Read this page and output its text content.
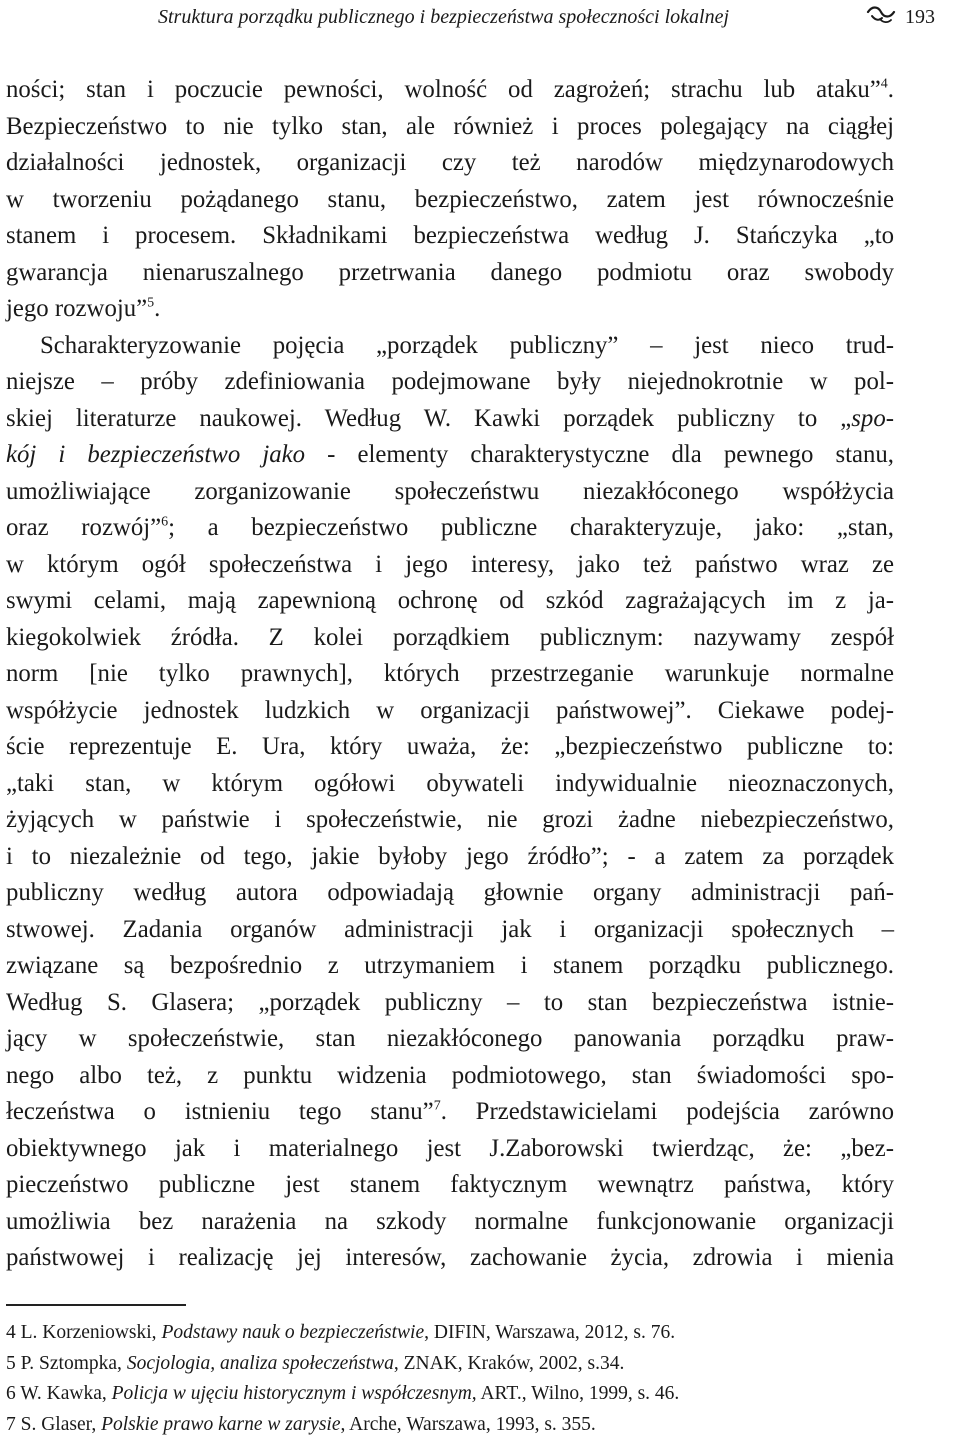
Struktura porządku publicznego i bezpieczeństwa społeczności lokalnej	193
ności; stan i poczucie pewności, wolność od zagrożeń; strachu lub ataku”$^4$.
Bezpieczeństwo to nie tylko stan, ale również i proces polegający na ciągłej
działalności jednostek, organizacji czy też narodów międzynarodowych
w tworzeniu pożądanego stanu, bezpieczeństwo, zatem jest równocześnie
stanem i procesem. Składnikami bezpieczeństwa według J. Stańczyka „to
gwarancja nienaruszalnego przetrwania danego podmiotu oraz swobody
jego rozwoju”$^5$.
Scharakteryzowanie pojęcia „porządek publiczny” – jest nieco trud-
niejsze – próby zdefiniowania podejmowane były niejednokrotnie w pol-
skiej literaturze naukowej. Według W. Kawki porządek publiczny to „spo-
kój i bezpieczeństwo jako - elementy charakterystyczne dla pewnego stanu,
umożliwiające zorganizowanie społeczeństwu niezakłóconego współżycia
oraz rozwój”$^6$; a bezpieczeństwo publiczne charakteryzuje, jako: „stan,
w którym ogół społeczeństwa i jego interesy, jako też państwo wraz ze
swymi celami, mają zapewnioną ochronę od szkód zagrażających im z ja-
kiegokolwiek źródła. Z kolei porządkiem publicznym: nazywamy zespół
norm [nie tylko prawnych], których przestrzeganie warunkuje normalne
współżycie jednostek ludzkich w organizacji państwowej”. Ciekawe podej-
ście reprezentuje E. Ura, który uważa, że: „bezpieczeństwo publiczne to:
„taki stan, w którym ogółowi obywateli indywidualnie nieoznaczonych,
żyjących w państwie i społeczeństwie, nie grozi żadne niebezpieczeństwo,
i to niezależnie od tego, jakie byłoby jego źródło”; - a zatem za porządek
publiczny według autora odpowiadają głownie organy administracji pań-
stwowej. Zadania organów administracji jak i organizacji społecznych –
związane są bezpośrednio z utrzymaniem i stanem porządku publicznego.
Według S. Glasera; „porządek publiczny – to stan bezpieczeństwa istnie-
jący w społeczeństwie, stan niezakłóconego panowania porządku praw-
nego albo też, z punktu widzenia podmiotowego, stan świadomości spo-
łeczeństwa o istnieniu tego stanu”$^7$. Przedstawicielami podejścia zarówno
obiektywnego jak i materialnego jest J.Zaborowski twierdząc, że: „bez-
pieczeństwo publiczne jest stanem faktycznym wewnątrz państwa, który
umożliwia bez narażenia na szkody normalne funkcjonowanie organizacji
państwowej i realizację jej interesów, zachowanie życia, zdrowia i mienia
4 L. Korzeniowski, Podstawy nauk o bezpieczeństwie, DIFIN, Warszawa, 2012, s. 76.
5 P. Sztompka, Socjologia, analiza społeczeństwa, ZNAK, Kraków, 2002, s.34.
6 W. Kawka, Policja w ujęciu historycznym i współczesnym, ART., Wilno, 1999, s. 46.
7 S. Glaser, Polskie prawo karne w zarysie, Arche, Warszawa, 1993, s. 355.
